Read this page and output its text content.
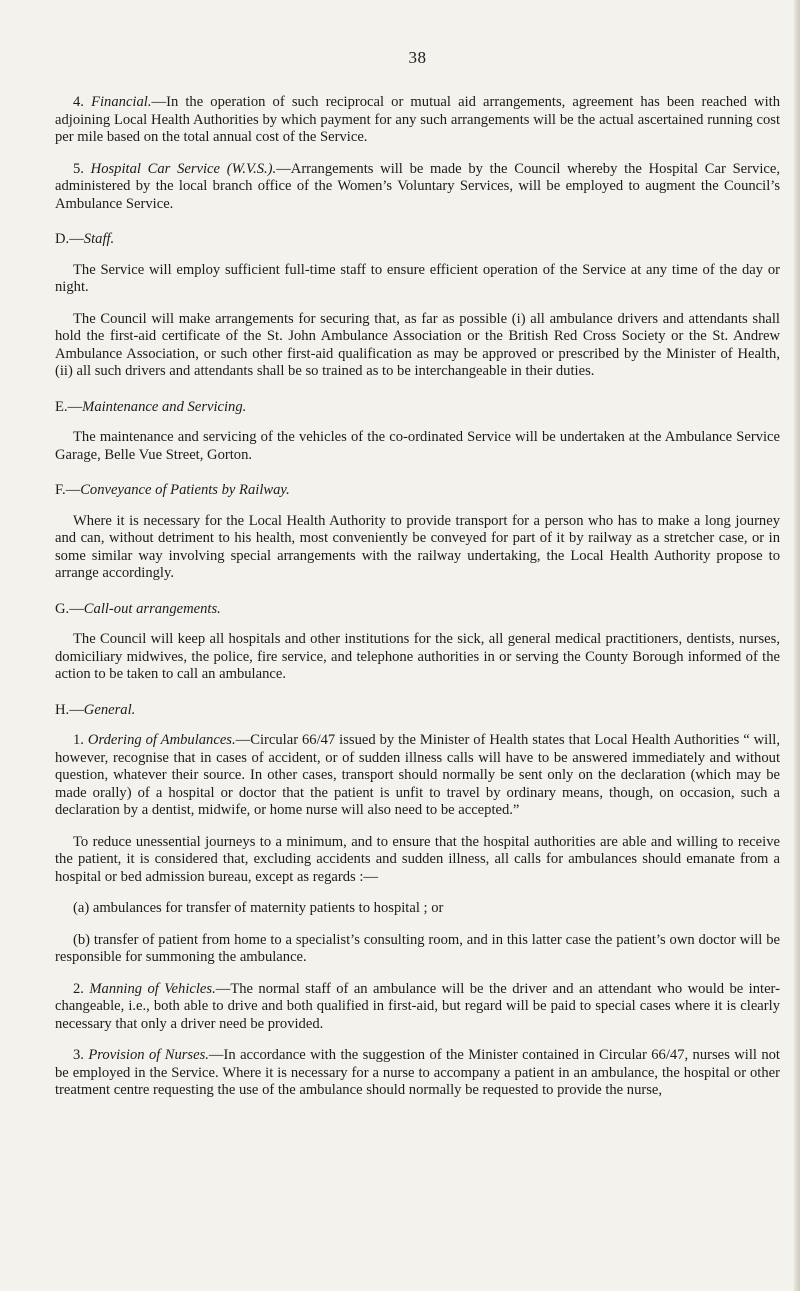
38

4. Financial.—In the operation of such reciprocal or mutual aid arrangements, agreement has been reached with adjoining Local Health Authorities by which payment for any such arrangements will be the actual ascertained running cost per mile based on the total annual cost of the Service.

5. Hospital Car Service (W.V.S.).—Arrangements will be made by the Council whereby the Hospital Car Service, administered by the local branch office of the Women’s Voluntary Services, will be employed to augment the Council’s Ambulance Service.

D.—Staff.

The Service will employ sufficient full-time staff to ensure efficient operation of the Service at any time of the day or night.

The Council will make arrangements for securing that, as far as possible (i) all ambulance drivers and attendants shall hold the first-aid certificate of the St. John Ambulance Association or the British Red Cross Society or the St. Andrew Ambulance Association, or such other first-aid qualification as may be approved or prescribed by the Minister of Health, (ii) all such drivers and attendants shall be so trained as to be interchangeable in their duties.

E.—Maintenance and Servicing.

The maintenance and servicing of the vehicles of the co-ordinated Service will be undertaken at the Ambulance Service Garage, Belle Vue Street, Gorton.

F.—Conveyance of Patients by Railway.

Where it is necessary for the Local Health Authority to provide transport for a person who has to make a long journey and can, without detriment to his health, most conveniently be conveyed for part of it by railway as a stretcher case, or in some similar way involving special arrangements with the railway undertaking, the Local Health Authority propose to arrange accordingly.

G.—Call-out arrangements.

The Council will keep all hospitals and other institutions for the sick, all general medical practitioners, dentists, nurses, domiciliary midwives, the police, fire service, and telephone authorities in or serving the County Borough informed of the action to be taken to call an ambulance.

H.—General.

1. Ordering of Ambulances.—Circular 66/47 issued by the Minister of Health states that Local Health Authorities “ will, however, recognise that in cases of accident, or of sudden illness calls will have to be answered immediately and without question, whatever their source. In other cases, transport should normally be sent only on the declaration (which may be made orally) of a hospital or doctor that the patient is unfit to travel by ordinary means, though, on occasion, such a declaration by a dentist, midwife, or home nurse will also need to be accepted.”

To reduce unessential journeys to a minimum, and to ensure that the hospital authorities are able and willing to receive the patient, it is considered that, excluding accidents and sudden illness, all calls for ambulances should emanate from a hospital or bed admission bureau, except as regards :—

(a) ambulances for transfer of maternity patients to hospital ; or

(b) transfer of patient from home to a specialist’s consulting room, and in this latter case the patient’s own doctor will be responsible for summoning the ambulance.

2. Manning of Vehicles.—The normal staff of an ambulance will be the driver and an attendant who would be inter-changeable, i.e., both able to drive and both qualified in first-aid, but regard will be paid to special cases where it is clearly necessary that only a driver need be provided.

3. Provision of Nurses.—In accordance with the suggestion of the Minister contained in Circular 66/47, nurses will not be employed in the Service. Where it is necessary for a nurse to accompany a patient in an ambulance, the hospital or other treatment centre requesting the use of the ambulance should normally be requested to provide the nurse,
